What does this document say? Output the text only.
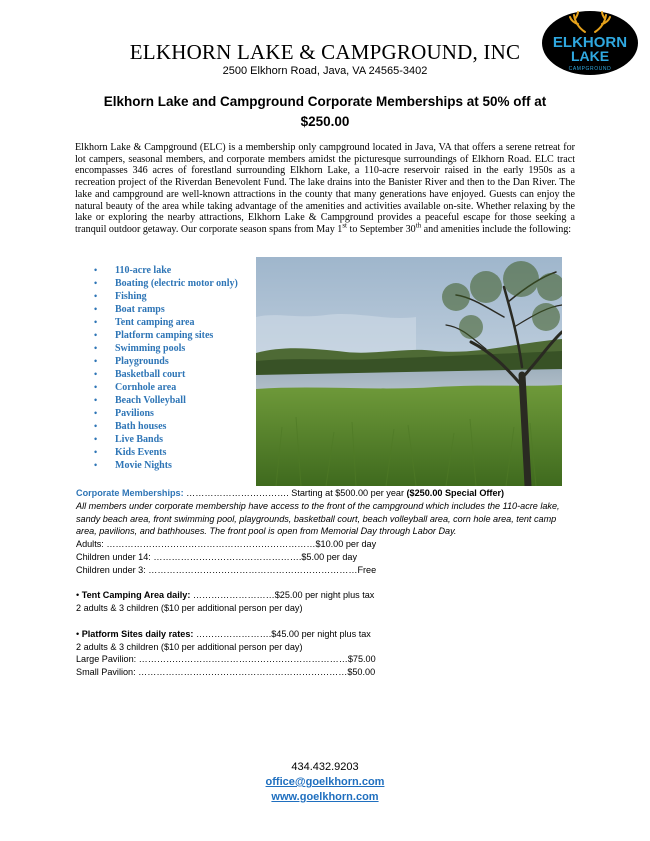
ELKHORN LAKE & CAMPGROUND, INC
2500 Elkhorn Road, Java, VA 24565-3402
ELKHORN
LAKE
CAMPGROUND
Elkhorn Lake and Campground Corporate Memberships at 50% off at $250.00
Elkhorn Lake & Campground (ELC) is a membership only campground located in Java, VA that offers a serene retreat for lot campers, seasonal members, and corporate members amidst the picturesque surroundings of Elkhorn Road. ELC tract encompasses 346 acres of forestland surrounding Elkhorn Lake, a 110-acre reservoir raised in the early 1950s as a recreation project of the Riverdan Benevolent Fund. The lake drains into the Banister River and then to the Dan River. The lake and campground are well-known attractions in the county that many generations have enjoyed. Guests can enjoy the natural beauty of the area while taking advantage of the amenities and activities available on-site. Whether relaxing by the lake or exploring the nearby attractions, Elkhorn Lake & Campground provides a peaceful escape for those seeking a tranquil outdoor getaway. Our corporate season spans from May 1st to September 30th and amenities include the following:
• 110-acre lake
• Boating (electric motor only)
• Fishing
• Boat ramps
• Tent camping area
• Platform camping sites
• Swimming pools
• Playgrounds
• Basketball court
• Cornhole area
• Beach Volleyball
• Pavilions
• Bath houses
• Live Bands
• Kids Events
• Movie Nights
Corporate Memberships: ……………………………. Starting at $500.00 per year ($250.00 Special Offer)
All members under corporate membership have access to the front of the campground which includes the 110-acre lake, sandy beach area, front swimming pool, playgrounds, basketball court, beach volleyball area, corn hole area, tent camp area, pavilions, and bathhouses. The front pool is open from Memorial Day through Labor Day.
Adults: ……………………………………………………………$10.00 per day
Children under 14: ………………………………………….$5.00 per day
Children under 3: ……………………………………………………………Free
• Tent Camping Area daily: ………………………$25.00 per night plus tax
2 adults & 3 children ($10 per additional person per day)
• Platform Sites daily rates: …………………….$45.00 per night plus tax
2 adults & 3 children ($10 per additional person per day)
Large Pavilion: ……………………………………………………………$75.00
Small Pavilion: ……………………………………………………………$50.00
434.432.9203
office@goelkhorn.com
www.goelkhorn.com
